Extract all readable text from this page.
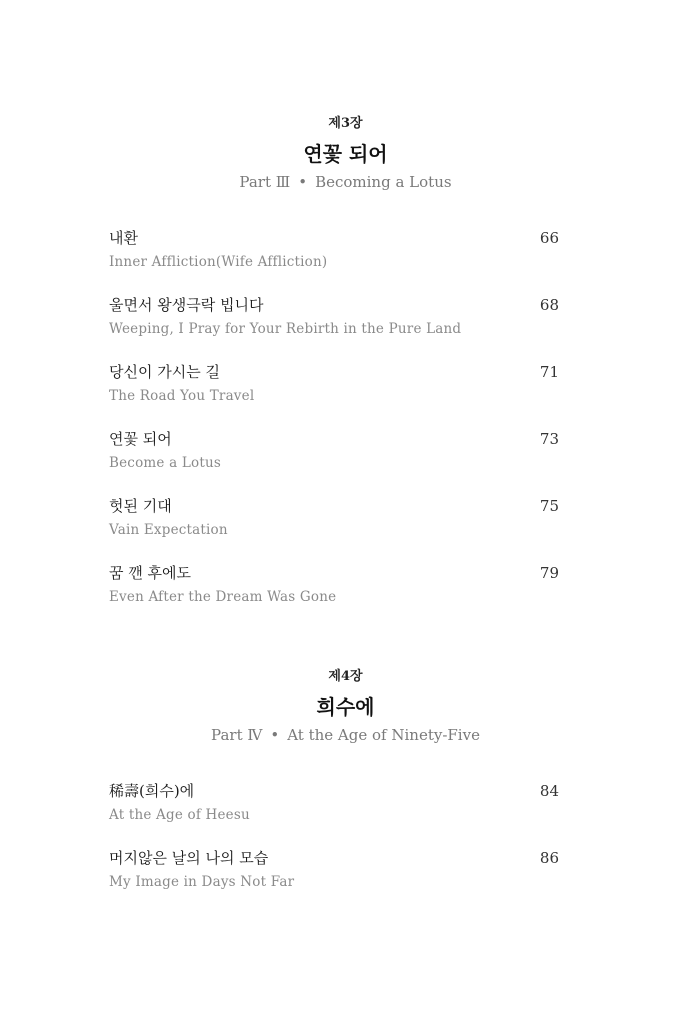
제3장
연꽃 되어
Part Ⅲ • Becoming a Lotus
내환	66
Inner Affliction(Wife Affliction)
울면서 왕생극락 빕니다	68
Weeping, I Pray for Your Rebirth in the Pure Land
당신이 가시는 길	71
The Road You Travel
연꽃 되어	73
Become a Lotus
헛된 기대	75
Vain Expectation
꿈 깬 후에도	79
Even After the Dream Was Gone
제4장
희수에
Part Ⅳ • At the Age of Ninety-Five
稀壽(희수)에	84
At the Age of Heesu
머지않은 날의 나의 모습	86
My Image in Days Not Far
